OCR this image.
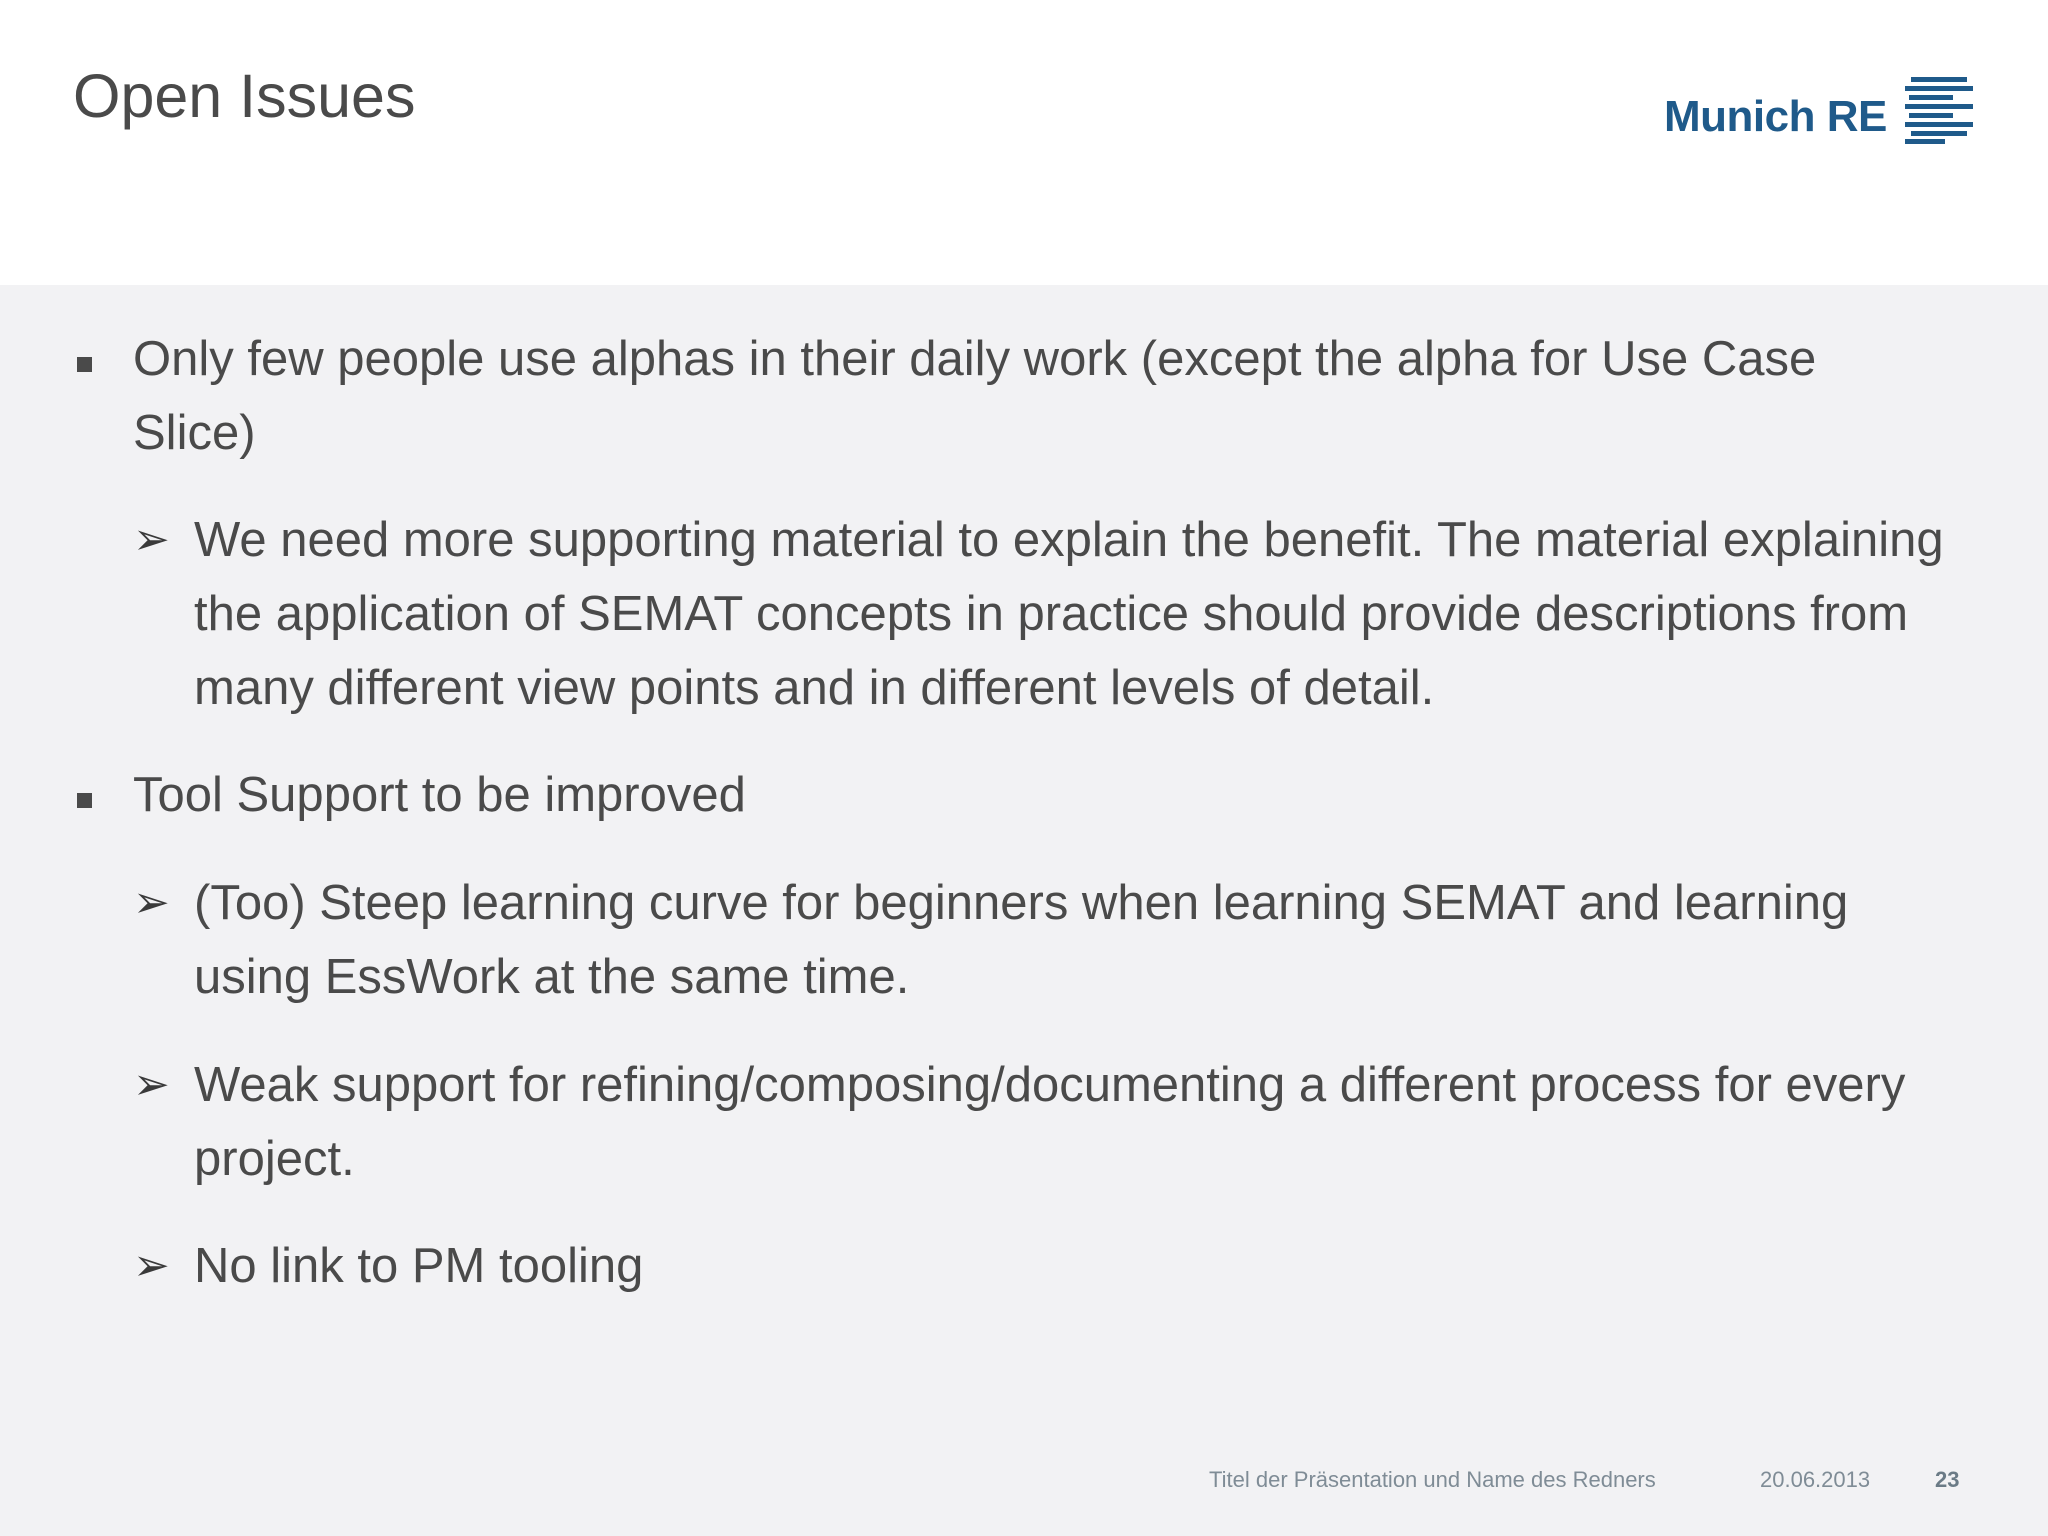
Open Issues	Munich RE
Only few people use alphas in their daily work (except the alpha for Use Case Slice)
➢ We need more supporting material to explain the benefit. The material explaining the application of SEMAT concepts in practice should provide descriptions from many different view points and in different levels of detail.
Tool Support to be improved
➢ (Too) Steep learning curve for beginners when learning SEMAT and learning using EssWork at the same time.
➢ Weak support for refining/composing/documenting a different process for every project.
➢ No link to PM tooling
Titel der Präsentation und Name des Redners	20.06.2013	23
